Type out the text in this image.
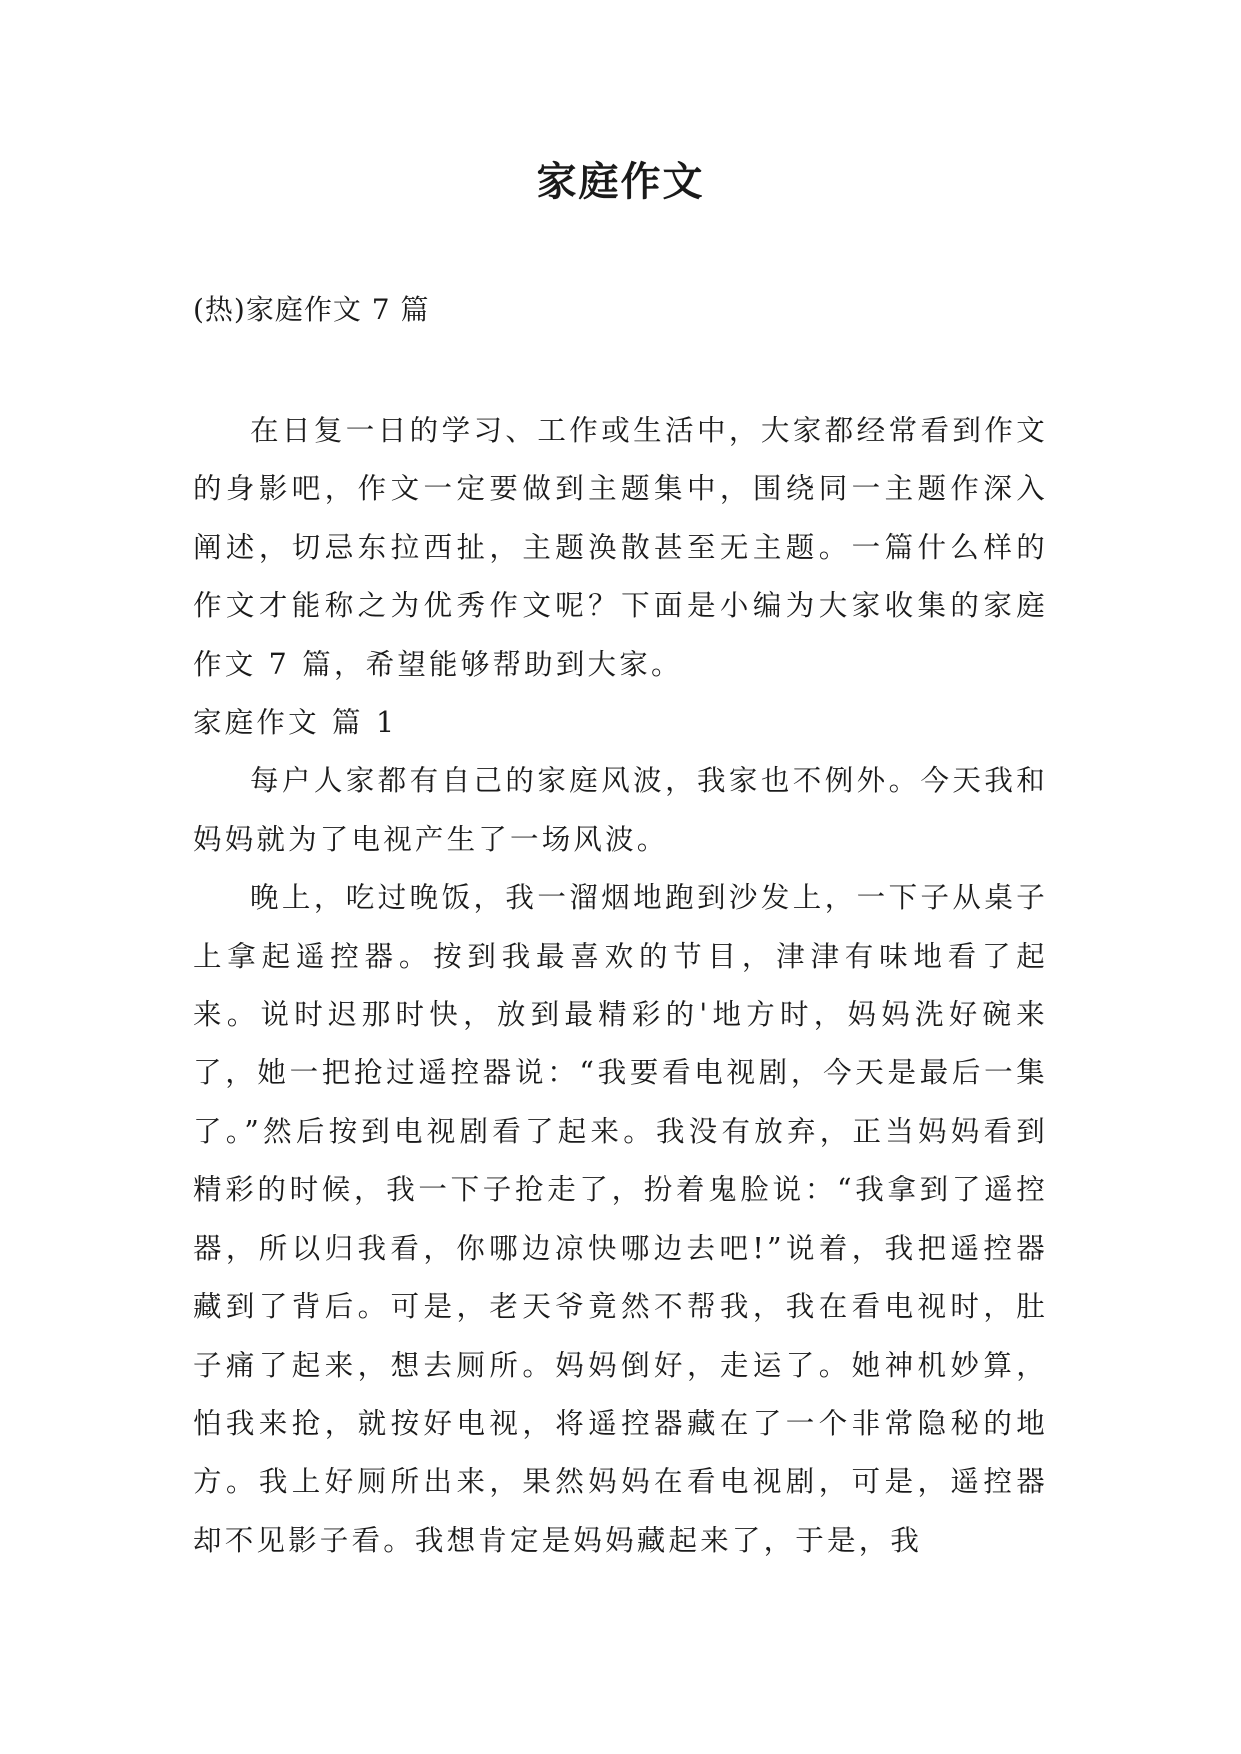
家庭作文
(热)家庭作文 7 篇

在日复一日的学习、工作或生活中，大家都经常看到作文的身影吧，作文一定要做到主题集中，围绕同一主题作深入阐述，切忌东拉西扯，主题涣散甚至无主题。一篇什么样的作文才能称之为优秀作文呢？下面是小编为大家收集的家庭作文 7 篇，希望能够帮助到大家。

家庭作文 篇 1

每户人家都有自己的家庭风波，我家也不例外。今天我和妈妈就为了电视产生了一场风波。

晚上，吃过晚饭，我一溜烟地跑到沙发上，一下子从桌子上拿起遥控器。按到我最喜欢的节目，津津有味地看了起来。说时迟那时快，放到最精彩的'地方时，妈妈洗好碗来了，她一把抢过遥控器说：“我要看电视剧，今天是最后一集了。”然后按到电视剧看了起来。我没有放弃，正当妈妈看到精彩的时候，我一下子抢走了，扮着鬼脸说：“我拿到了遥控器，所以归我看，你哪边凉快哪边去吧!”说着，我把遥控器藏到了背后。可是，老天爷竟然不帮我，我在看电视时，肚子痛了起来，想去厕所。妈妈倒好，走运了。她神机妙算，怕我来抢，就按好电视，将遥控器藏在了一个非常隐秘的地方。我上好厕所出来，果然妈妈在看电视剧，可是，遥控器却不见影子看。我想肯定是妈妈藏起来了，于是，我
